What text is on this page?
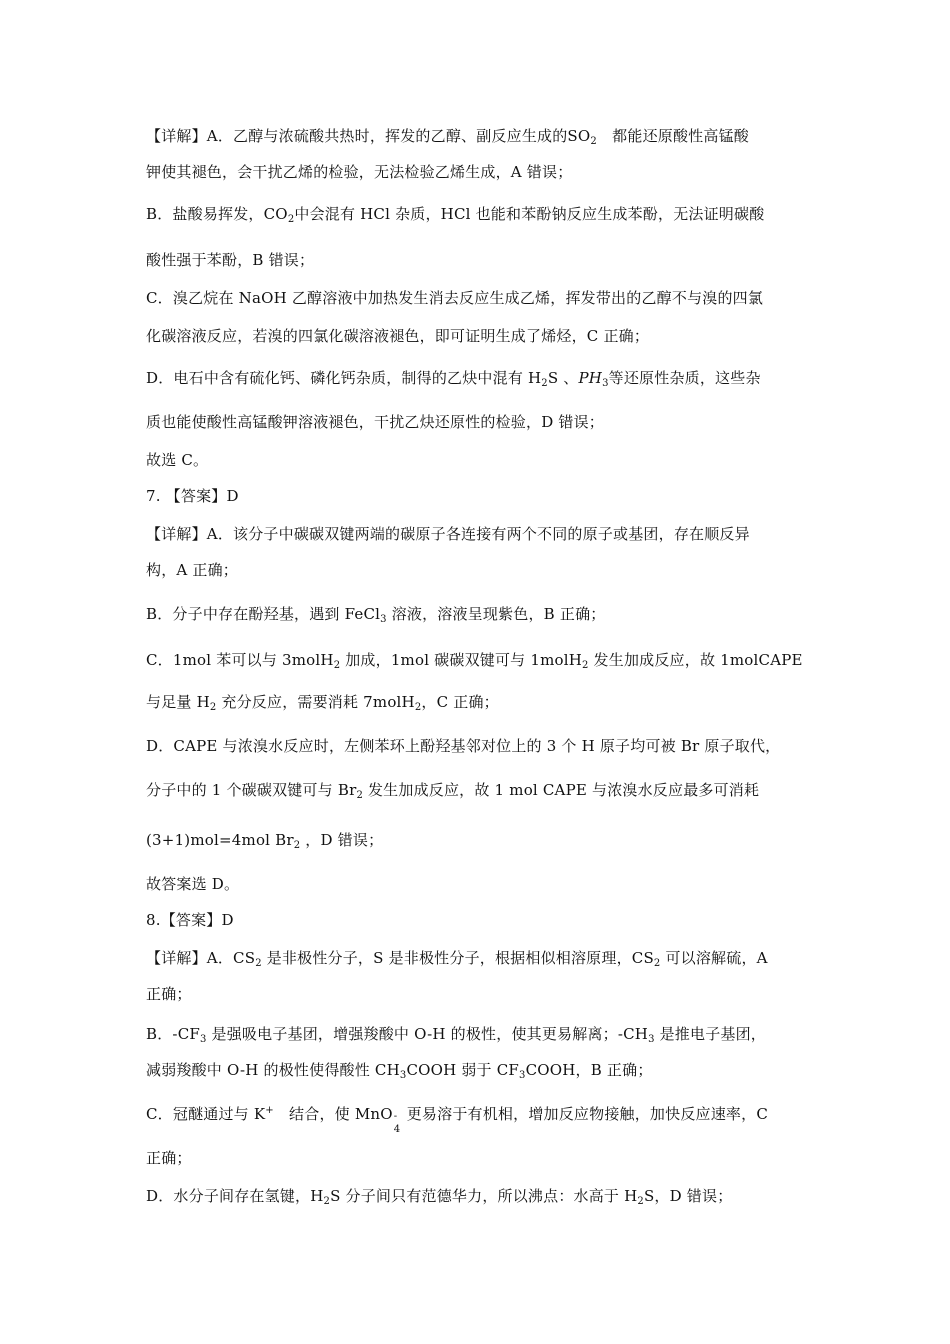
【详解】A．乙醇与浓硫酸共热时，挥发的乙醇、副反应生成的$SO_2$　都能还原酸性高锰酸
钾使其褪色，会干扰乙烯的检验，无法检验乙烯生成，A 错误；
B．盐酸易挥发，$CO_2$中会混有 HCl 杂质，HCl 也能和苯酚钠反应生成苯酚，无法证明碳酸
酸性强于苯酚，B 错误；
C．溴乙烷在 NaOH 乙醇溶液中加热发生消去反应生成乙烯，挥发带出的乙醇不与溴的四氯
化碳溶液反应，若溴的四氯化碳溶液褪色，即可证明生成了烯烃，C 正确；
D．电石中含有硫化钙、磷化钙杂质，制得的乙炔中混有 $H_2S$ 、$PH_3$等还原性杂质，这些杂
质也能使酸性高锰酸钾溶液褪色，干扰乙炔还原性的检验，D 错误；
故选 C。
7. 【答案】D
【详解】A．该分子中碳碳双键两端的碳原子各连接有两个不同的原子或基团，存在顺反异
构，A 正确；
B．分子中存在酚羟基，遇到 FeCl$_3$ 溶液，溶液呈现紫色，B 正确；
C．1mol 苯可以与 3molH$_2$ 加成，1mol 碳碳双键可与 1molH$_2$ 发生加成反应，故 1molCAPE
与足量 $H_2$ 充分反应，需要消耗 7molH$_2$，C 正确；
D．CAPE 与浓溴水反应时，左侧苯环上酚羟基邻对位上的 3 个 H 原子均可被 Br 原子取代，
分子中的 1 个碳碳双键可与 $Br_2$ 发生加成反应，故 1 mol CAPE 与浓溴水反应最多可消耗
(3+1)mol=4mol $Br_2$ ，D 错误；
故答案选 D。
8.【答案】D
【详解】A．$CS_2$ 是非极性分子，S 是非极性分子，根据相似相溶原理，$CS_2$ 可以溶解硫，A
正确；
B．$-CF_3$ 是强吸电子基团，增强羧酸中 O-H 的极性，使其更易解离；$-CH_3$ 是推电子基团，
减弱羧酸中 O-H 的极性使得酸性 $CH_3COOH$ 弱于 $CF_3COOH$，B 正确；
C．冠醚通过与 K+　结合，使 MnO -
4
更易溶于有机相，增加反应物接触，加快反应速率，C
正确；
D．水分子间存在氢键，$H_2S$ 分子间只有范德华力，所以沸点：水高于 $H_2S$，D 错误；
